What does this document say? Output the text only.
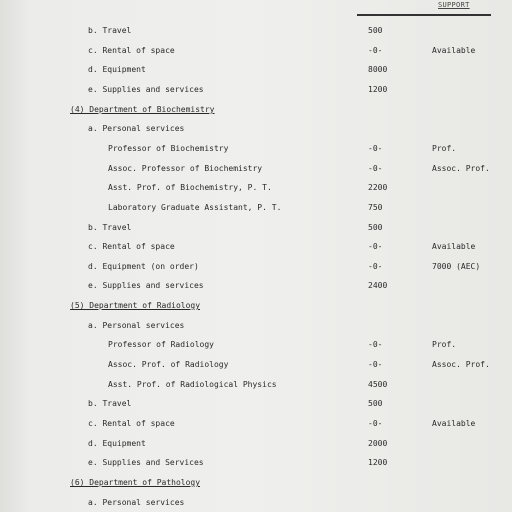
SUPPORT
b. Travel	500
c. Rental of space	-0-	Available
d. Equipment	8000
e. Supplies and services	1200
(4) Department of Biochemistry
a. Personal services
Professor of Biochemistry	-0-	Prof.
Assoc. Professor of Biochemistry	-0-	Assoc. Prof.
Asst. Prof. of Biochemistry, P. T.	2200
Laboratory Graduate Assistant, P. T.	750
b. Travel	500
c. Rental of space	-0-	Available
d. Equipment (on order)	-0-	7000 (AEC)
e. Supplies and services	2400
(5) Department of Radiology
a. Personal services
Professor of Radiology	-0-	Prof.
Assoc. Prof. of Radiology	-0-	Assoc. Prof.
Asst. Prof. of Radiological Physics	4500
b. Travel	500
c. Rental of space	-0-	Available
d. Equipment	2000
e. Supplies and Services	1200
(6) Department of Pathology
a. Personal services
